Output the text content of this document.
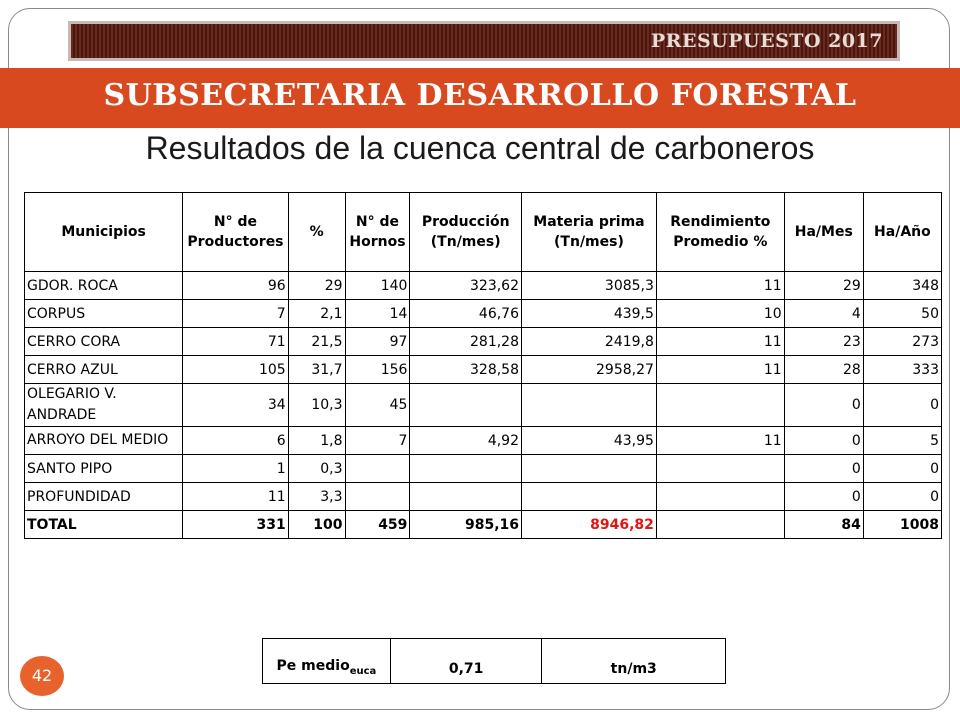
PRESUPUESTO 2017
SUBSECRETARIA DESARROLLO FORESTAL
Resultados de la cuenca central de carboneros
Municipios	N° de Productores	%	N° de Hornos	Producción (Tn/mes)	Materia prima (Tn/mes)	Rendimiento Promedio %	Ha/Mes	Ha/Año
GDOR. ROCA	96	29	140	323,62	3085,3	11	29	348
CORPUS	7	2,1	14	46,76	439,5	10	4	50
CERRO CORA	71	21,5	97	281,28	2419,8	11	23	273
CERRO AZUL	105	31,7	156	328,58	2958,27	11	28	333
OLEGARIO V. ANDRADE	34	10,3	45				0	0
ARROYO DEL MEDIO	6	1,8	7	4,92	43,95	11	0	5
SANTO PIPO	1	0,3					0	0
PROFUNDIDAD	11	3,3					0	0
TOTAL	331	100	459	985,16	8946,82		84	1008
42	Pe medio$_{euca}$	0,71	tn/m3
